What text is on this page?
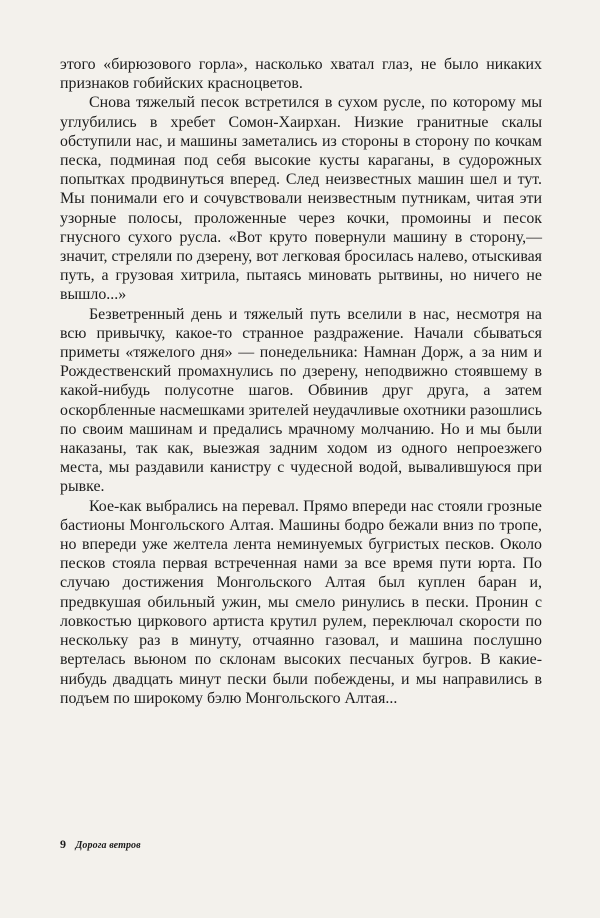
этого «бирюзового горла», насколько хватал глаз, не было никаких признаков гобийских красноцветов.

Снова тяжелый песок встретился в сухом русле, по которому мы углубились в хребет Сомон-Хаирхан. Низкие гранитные скалы обступили нас, и машины заметались из стороны в сторону по кочкам песка, подминая под себя высокие кусты караганы, в судорожных попытках продвинуться вперед. След неизвестных машин шел и тут. Мы понимали его и сочувствовали неизвестным путникам, читая эти узорные полосы, проложенные через кочки, промоины и песок гнусного сухого русла. «Вот круто повернули машину в сторону,— значит, стреляли по дзерену, вот легковая бросилась налево, отыскивая путь, а грузовая хитрила, пытаясь миновать рытвины, но ничего не вышло...»

Безветренный день и тяжелый путь вселили в нас, несмотря на всю привычку, какое-то странное раздражение. Начали сбываться приметы «тяжелого дня» — понедельника: Намнан Дорж, а за ним и Рождественский промахнулись по дзерену, неподвижно стоявшему в какой-нибудь полусотне шагов. Обвинив друг друга, а затем оскорбленные насмешками зрителей неудачливые охотники разошлись по своим машинам и предались мрачному молчанию. Но и мы были наказаны, так как, выезжая задним ходом из одного непроезжего места, мы раздавили канистру с чудесной водой, вывалившуюся при рывке.

Кое-как выбрались на перевал. Прямо впереди нас стояли грозные бастионы Монгольского Алтая. Машины бодро бежали вниз по тропе, но впереди уже желтела лента неминуемых бугристых песков. Около песков стояла первая встреченная нами за все время пути юрта. По случаю достижения Монгольского Алтая был куплен баран и, предвкушая обильный ужин, мы смело ринулись в пески. Пронин с ловкостью циркового артиста крутил рулем, переключал скорости по нескольку раз в минуту, отчаянно газовал, и машина послушно вертелась вьюном по склонам высоких песчаных бугров. В какие-нибудь двадцать минут пески были побеждены, и мы направились в подъем по широкому бэлю Монгольского Алтая...

9 Дорога ветров
